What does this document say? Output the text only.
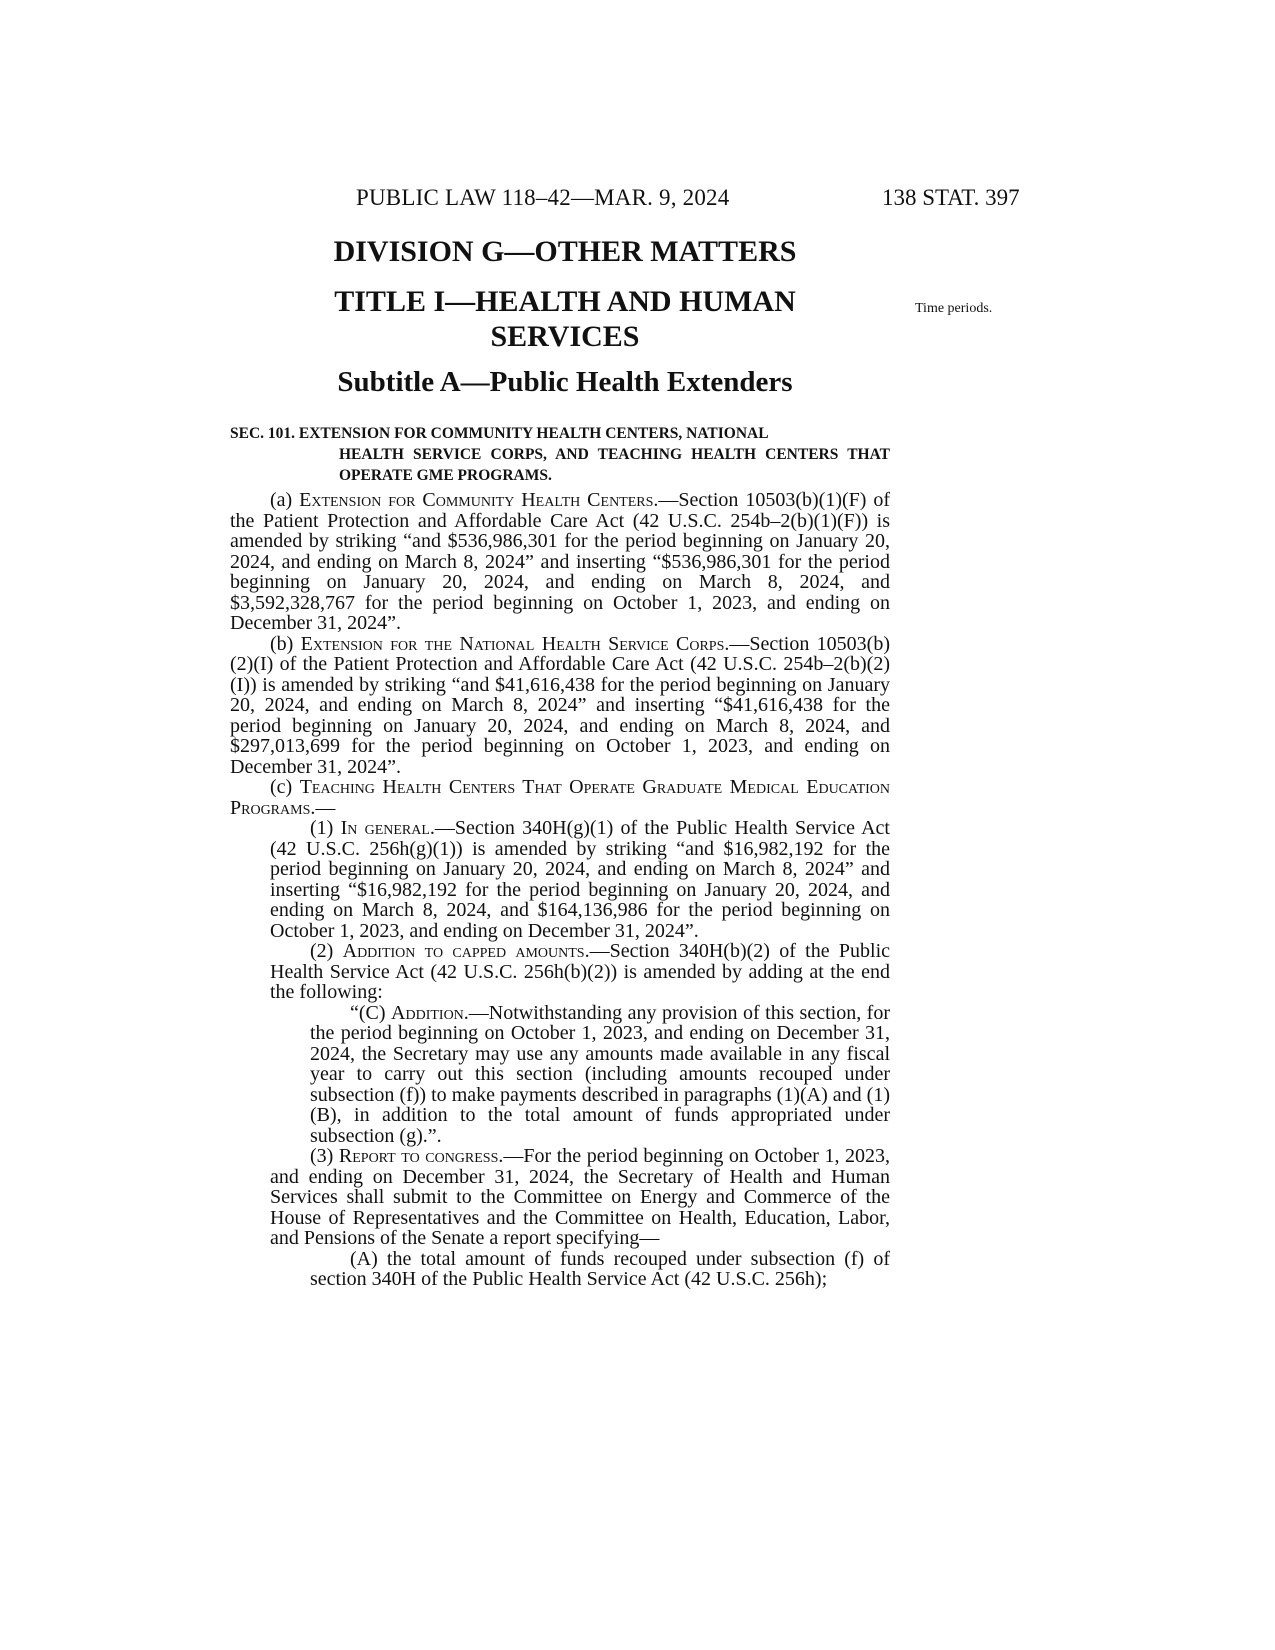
PUBLIC LAW 118–42—MAR. 9, 2024	138 STAT. 397
Time periods.
DIVISION G—OTHER MATTERS
TITLE I—HEALTH AND HUMAN
SERVICES
Subtitle A—Public Health Extenders
SEC. 101. EXTENSION FOR COMMUNITY HEALTH CENTERS, NATIONAL
HEALTH SERVICE CORPS, AND TEACHING HEALTH CENTERS THAT OPERATE GME PROGRAMS.

(a) Extension for Community Health Centers.—Section 10503(b)(1)(F) of the Patient Protection and Affordable Care Act (42 U.S.C. 254b–2(b)(1)(F)) is amended by striking “and $536,986,301 for the period beginning on January 20, 2024, and ending on March 8, 2024” and inserting “$536,986,301 for the period beginning on January 20, 2024, and ending on March 8, 2024, and $3,592,328,767 for the period beginning on October 1, 2023, and ending on December 31, 2024”.

(b) Extension for the National Health Service Corps.—Section 10503(b)(2)(I) of the Patient Protection and Affordable Care Act (42 U.S.C. 254b–2(b)(2)(I)) is amended by striking “and $41,616,438 for the period beginning on January 20, 2024, and ending on March 8, 2024” and inserting “$41,616,438 for the period beginning on January 20, 2024, and ending on March 8, 2024, and $297,013,699 for the period beginning on October 1, 2023, and ending on December 31, 2024”.

(c) Teaching Health Centers That Operate Graduate Medical Education Programs.—

(1) In general.—Section 340H(g)(1) of the Public Health Service Act (42 U.S.C. 256h(g)(1)) is amended by striking “and $16,982,192 for the period beginning on January 20, 2024, and ending on March 8, 2024” and inserting “$16,982,192 for the period beginning on January 20, 2024, and ending on March 8, 2024, and $164,136,986 for the period beginning on October 1, 2023, and ending on December 31, 2024”.

(2) Addition to capped amounts.—Section 340H(b)(2) of the Public Health Service Act (42 U.S.C. 256h(b)(2)) is amended by adding at the end the following:

“(C) Addition.—Notwithstanding any provision of this section, for the period beginning on October 1, 2023, and ending on December 31, 2024, the Secretary may use any amounts made available in any fiscal year to carry out this section (including amounts recouped under subsection (f)) to make payments described in paragraphs (1)(A) and (1)(B), in addition to the total amount of funds appropriated under subsection (g).”.

(3) Report to congress.—For the period beginning on October 1, 2023, and ending on December 31, 2024, the Secretary of Health and Human Services shall submit to the Committee on Energy and Commerce of the House of Representatives and the Committee on Health, Education, Labor, and Pensions of the Senate a report specifying—

(A) the total amount of funds recouped under subsection (f) of section 340H of the Public Health Service Act (42 U.S.C. 256h);
